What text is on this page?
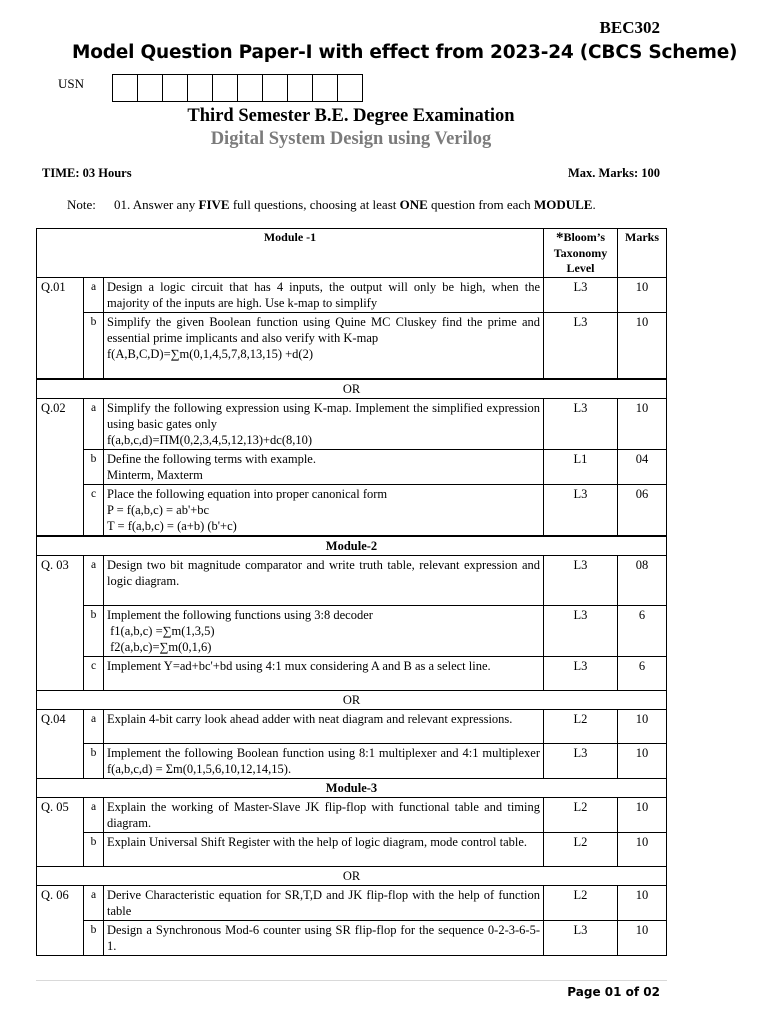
BEC302
Model Question Paper-I with effect from 2023-24 (CBCS Scheme)
USN
Third Semester B.E. Degree Examination
Digital System Design using Verilog
TIME: 03 Hours	Max. Marks: 100
Note: 01. Answer any FIVE full questions, choosing at least ONE question from each MODULE.
Module -1			*Bloom’s Taxonomy Level	Marks
Q.01	a	Design a logic circuit that has 4 inputs, the output will only be high, when the majority of the inputs are high. Use k-map to simplify	L3	10
	b	Simplify the given Boolean function using Quine MC Cluskey find the prime and essential prime implicants and also verify with K-map
f(A,B,C,D)=∑m(0,1,4,5,7,8,13,15) +d(2)	L3	10

OR				
Q.02	a	Simplify the following expression using K-map. Implement the simplified expression using basic gates only
f(a,b,c,d)=ΠM(0,2,3,4,5,12,13)+dc(8,10)	L3	10
	b	Define the following terms with example.
Minterm, Maxterm	L1	04
	c	Place the following equation into proper canonical form
P = f(a,b,c) = ab'+bc
T = f(a,b,c) = (a+b) (b'+c)	L3	06

Module-2				
Q. 03	a	Design two bit magnitude comparator and write truth table, relevant expression and logic diagram.	L3	08
	b	Implement the following functions using 3:8 decoder
f1(a,b,c) =∑m(1,3,5)
f2(a,b,c)=∑m(0,1,6)	L3	6
	c	Implement Y=ad+bc'+bd using 4:1 mux considering A and B as a select line.	L3	6
OR				
Q.04	a	Explain 4-bit carry look ahead adder with neat diagram and relevant expressions.	L2	10
	b	Implement the following Boolean function using 8:1 multiplexer and 4:1 multiplexer f(a,b,c,d) = Σm(0,1,5,6,10,12,14,15).	L3	10
Module-3				
Q. 05	a	Explain the working of Master-Slave JK flip-flop with functional table and timing diagram.	L2	10
	b	Explain Universal Shift Register with the help of logic diagram, mode control table.	L2	10
OR				
Q. 06	a	Derive Characteristic equation for SR,T,D and JK flip-flop with the help of function table	L2	10
	b	Design a Synchronous Mod-6 counter using SR flip-flop for the sequence 0-2-3-6-5-1.	L3	10
Page 01 of 02
